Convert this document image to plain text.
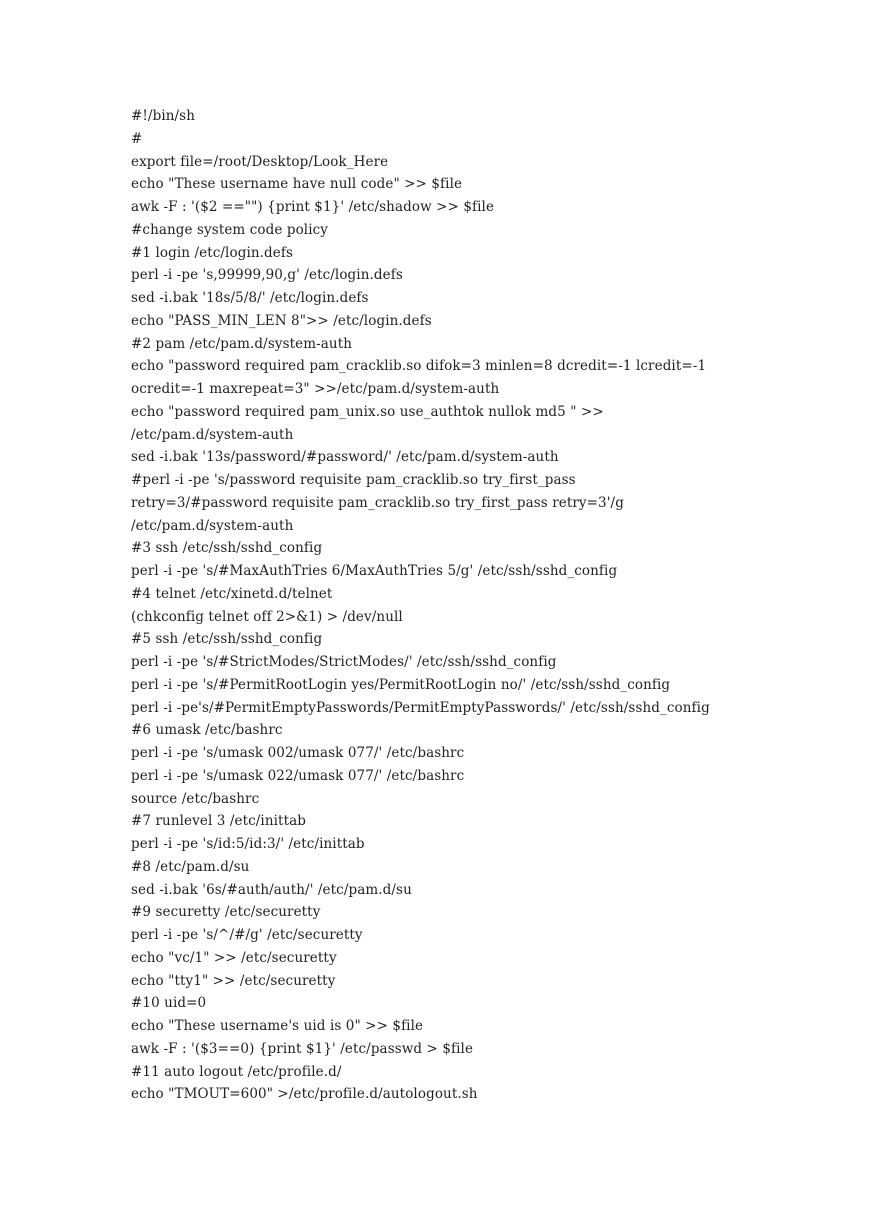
#!/bin/sh
#
export file=/root/Desktop/Look_Here
echo "These username have null code" >> $file
awk -F : '($2 =="") {print $1}' /etc/shadow >> $file
#change system code policy
#1 login /etc/login.defs
perl -i -pe 's,99999,90,g' /etc/login.defs
sed -i.bak '18s/5/8/' /etc/login.defs
echo "PASS_MIN_LEN 8">> /etc/login.defs
#2 pam /etc/pam.d/system-auth
echo "password required pam_cracklib.so difok=3 minlen=8 dcredit=-1 lcredit=-1
ocredit=-1 maxrepeat=3" >>/etc/pam.d/system-auth
echo "password required pam_unix.so use_authtok nullok md5 " >>
/etc/pam.d/system-auth
sed -i.bak '13s/password/#password/' /etc/pam.d/system-auth
#perl -i -pe 's/password requisite pam_cracklib.so try_first_pass
retry=3/#password requisite pam_cracklib.so try_first_pass retry=3'/g
/etc/pam.d/system-auth
#3 ssh /etc/ssh/sshd_config
perl -i -pe 's/#MaxAuthTries 6/MaxAuthTries 5/g' /etc/ssh/sshd_config
#4 telnet /etc/xinetd.d/telnet
(chkconfig telnet off 2>&1) > /dev/null
#5 ssh /etc/ssh/sshd_config
perl -i -pe 's/#StrictModes/StrictModes/' /etc/ssh/sshd_config
perl -i -pe 's/#PermitRootLogin yes/PermitRootLogin no/' /etc/ssh/sshd_config
perl -i -pe's/#PermitEmptyPasswords/PermitEmptyPasswords/' /etc/ssh/sshd_config
#6 umask /etc/bashrc
perl -i -pe 's/umask 002/umask 077/' /etc/bashrc
perl -i -pe 's/umask 022/umask 077/' /etc/bashrc
source /etc/bashrc
#7 runlevel 3 /etc/inittab
perl -i -pe 's/id:5/id:3/' /etc/inittab
#8 /etc/pam.d/su
sed -i.bak '6s/#auth/auth/' /etc/pam.d/su
#9 securetty /etc/securetty
perl -i -pe 's/^/#/g' /etc/securetty
echo "vc/1" >> /etc/securetty
echo "tty1" >> /etc/securetty
#10 uid=0
echo "These username's uid is 0" >> $file
awk -F : '($3==0) {print $1}' /etc/passwd > $file
#11 auto logout /etc/profile.d/
echo "TMOUT=600" >/etc/profile.d/autologout.sh
